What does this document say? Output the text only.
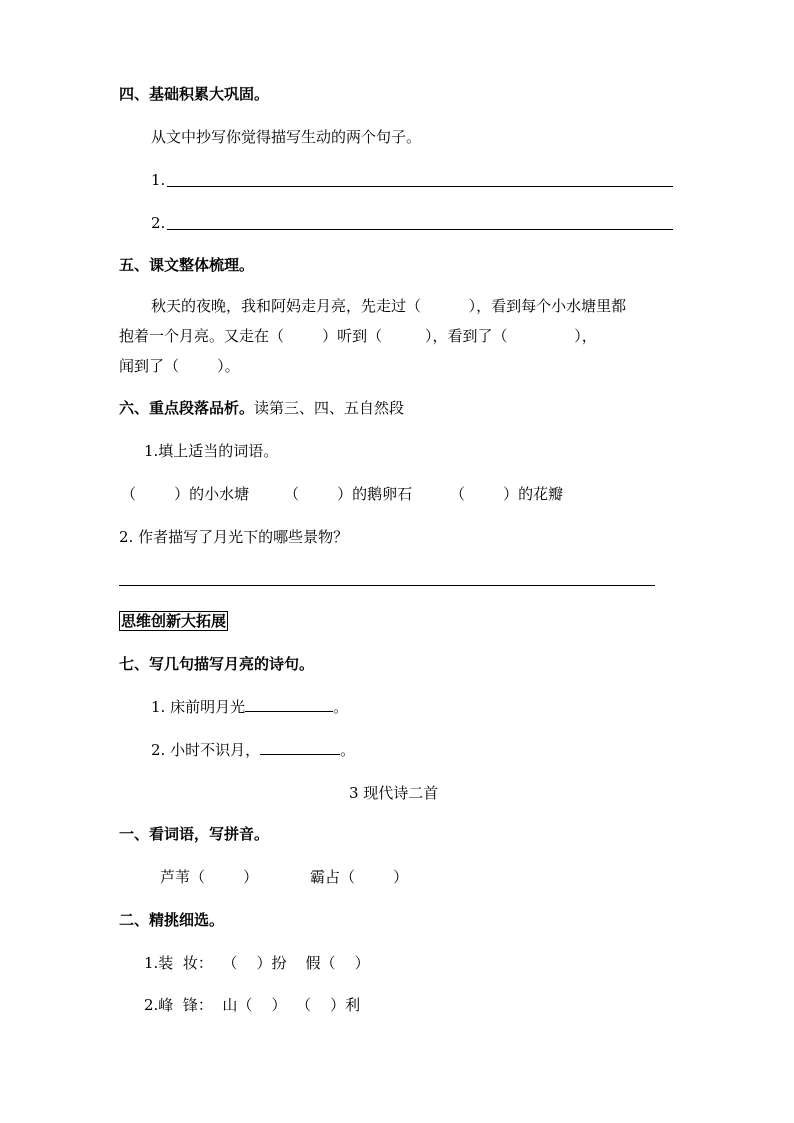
四、基础积累大巩固。
从文中抄写你觉得描写生动的两个句子。
1.
2.
五、课文整体梳理。
秋天的夜晚，我和阿妈走月亮，先走过（          ），看到每个小水塘里都
抱着一个月亮。又走在（        ）听到（         ），看到了（              ），
闻到了（        ）。
六、重点段落品析。读第三、四、五自然段
1.填上适当的词语。
（        ）的小水塘 （        ）的鹅卵石	（        ）的花瓣
2. 作者描写了月光下的哪些景物？
思维创新大拓展
七、写几句描写月亮的诗句。
1. 床前明月光	。
2. 小时不识月，	。
3 现代诗二首
一、看词语，写拼音。
芦苇（        ）	霸占（        ）
二、精挑细选。
1.装  妆：  （    ）扮    假（    ）
2.峰  锋：  山（    ）  （    ）利
